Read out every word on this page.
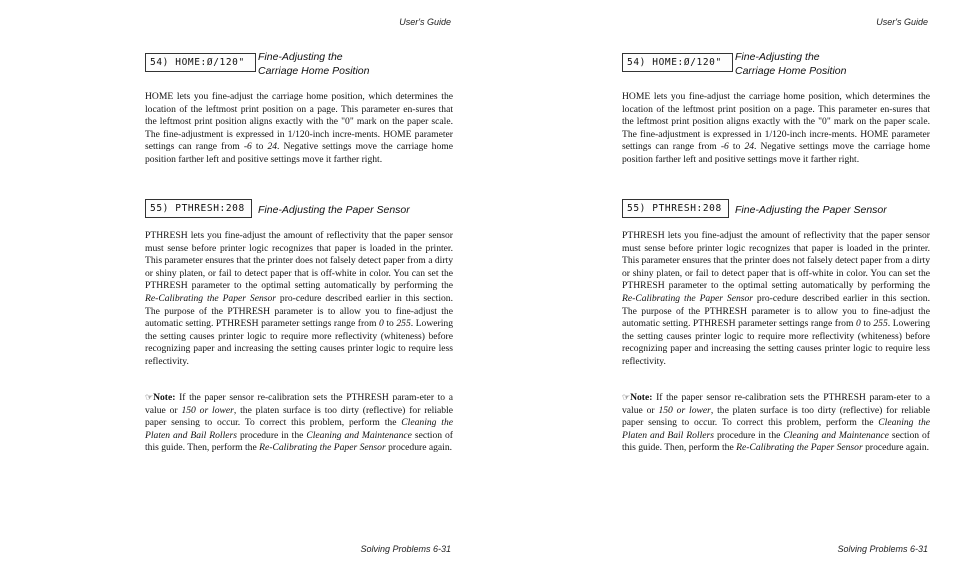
User's Guide
54) HOME:Ø/120"	Fine-Adjusting the
Carriage Home Position

HOME lets you fine-adjust the carriage home position, which determines the location of the leftmost print position on a page. This parameter en-sures that the leftmost print position aligns exactly with the "0" mark on the paper scale. The fine-adjustment is expressed in 1/120-inch incre-ments. HOME parameter settings can range from -6 to 24. Negative settings move the carriage home position farther left and positive settings move it farther right.

55) PTHRESH:208	Fine-Adjusting the Paper Sensor

PTHRESH lets you fine-adjust the amount of reflectivity that the paper sensor must sense before printer logic recognizes that paper is loaded in the printer. This parameter ensures that the printer does not falsely detect paper from a dirty or shiny platen, or fail to detect paper that is off-white in color. You can set the PTHRESH parameter to the optimal setting automatically by performing the Re-Calibrating the Paper Sensor pro-cedure described earlier in this section. The purpose of the PTHRESH parameter is to allow you to fine-adjust the automatic setting. PTHRESH parameter settings range from 0 to 255. Lowering the setting causes printer logic to require more reflectivity (whiteness) before recognizing paper and increasing the setting causes printer logic to require less reflectivity.

☞Note: If the paper sensor re-calibration sets the PTHRESH param-eter to a value or 150 or lower, the platen surface is too dirty (reflective) for reliable paper sensing to occur. To correct this problem, perform the Cleaning the Platen and Bail Rollers procedure in the Cleaning and Maintenance section of this guide. Then, perform the Re-Calibrating the Paper Sensor procedure again.

Solving Problems 6-31
User's Guide
54) HOME:Ø/120"	Fine-Adjusting the
Carriage Home Position

HOME lets you fine-adjust the carriage home position, which determines the location of the leftmost print position on a page. This parameter en-sures that the leftmost print position aligns exactly with the "0" mark on the paper scale. The fine-adjustment is expressed in 1/120-inch incre-ments. HOME parameter settings can range from -6 to 24. Negative settings move the carriage home position farther left and positive settings move it farther right.

55) PTHRESH:208	Fine-Adjusting the Paper Sensor

PTHRESH lets you fine-adjust the amount of reflectivity that the paper sensor must sense before printer logic recognizes that paper is loaded in the printer. This parameter ensures that the printer does not falsely detect paper from a dirty or shiny platen, or fail to detect paper that is off-white in color. You can set the PTHRESH parameter to the optimal setting automatically by performing the Re-Calibrating the Paper Sensor pro-cedure described earlier in this section. The purpose of the PTHRESH parameter is to allow you to fine-adjust the automatic setting. PTHRESH parameter settings range from 0 to 255. Lowering the setting causes printer logic to require more reflectivity (whiteness) before recognizing paper and increasing the setting causes printer logic to require less reflectivity.

☞Note: If the paper sensor re-calibration sets the PTHRESH param-eter to a value or 150 or lower, the platen surface is too dirty (reflective) for reliable paper sensing to occur. To correct this problem, perform the Cleaning the Platen and Bail Rollers procedure in the Cleaning and Maintenance section of this guide. Then, perform the Re-Calibrating the Paper Sensor procedure again.

Solving Problems 6-31
